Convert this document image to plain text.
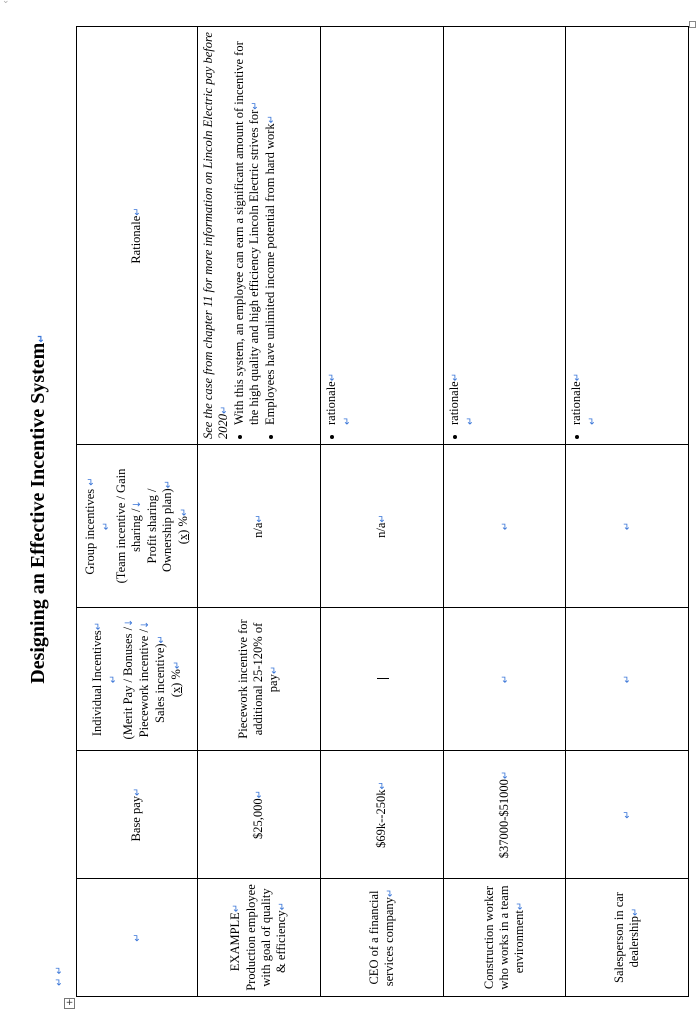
⌄
+
↵ ↵
Designing an Effective Incentive System↵
↵	Base pay↵	
Individual Incentives↵
↵ (Merit Pay / Bonuses /↓
Piecework incentive /↓
Sales incentive)↵
(x) %↵

Group incentives ↵
↵ (Team incentive / Gain sharing /↓ Profit sharing / Ownership plan)↵
(x) %↵
	Rationale↵

EXAMPLE↵ Production employee with goal of quality & efficiency↵
	$25,000↵	Piecework incentive for additional 25-120% of pay↵	n/a↵	
See the case from chapter 11 for more information on Lincoln Electric pay before 2020↵
• With this system, an employee can earn a significant amount of incentive for the high quality and high efficiency Lincoln Electric strives for↵
• Employees have unlimited income potential from hard work↵

CEO of a financial services company↵	$69k--250k↵		n/a↵	
• rationale↵
↵

Construction worker who works in a team environment↵	$37000-$51000↵	↵	↵	
• rationale↵
↵

Salesperson in car dealership↵	↵	↵	↵	
• rationale↵
↵
